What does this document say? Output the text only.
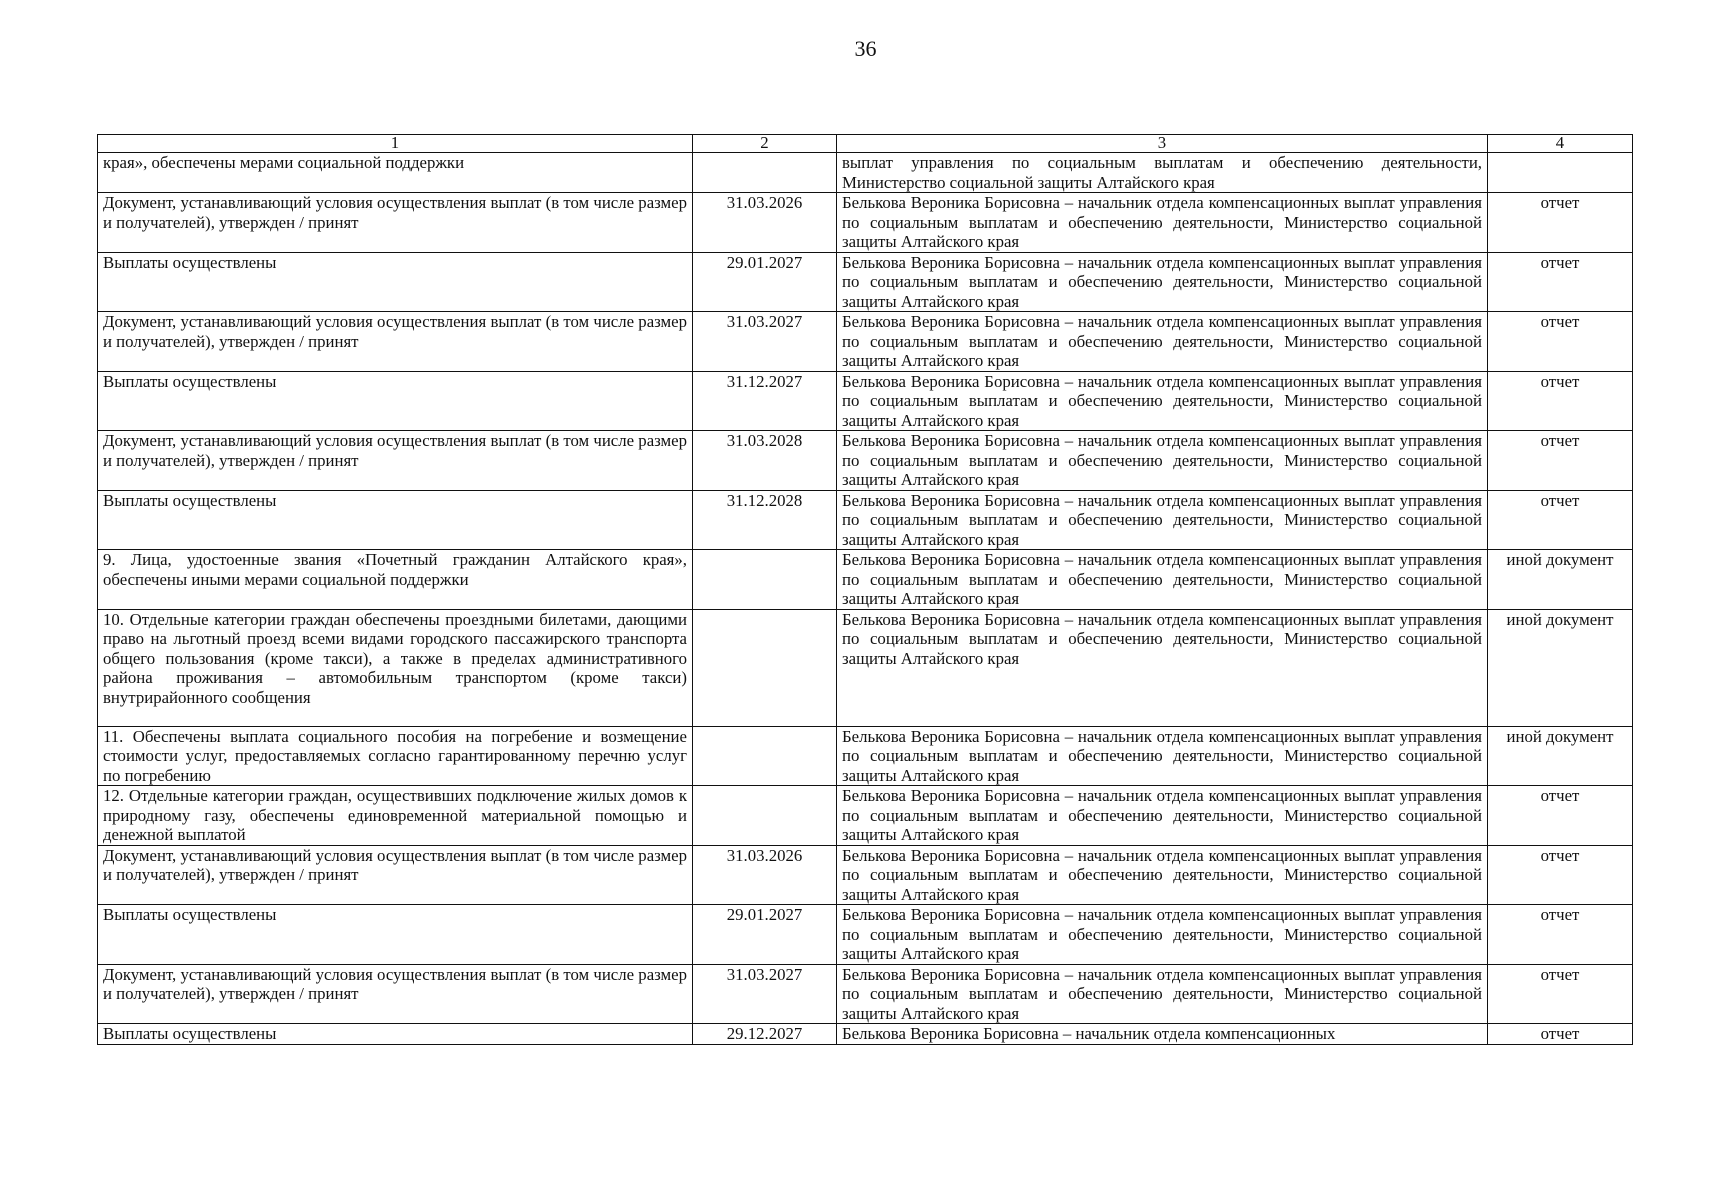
36
1	2	3	4
края», обеспечены мерами социальной поддержки		выплат управления по социальным выплатам и обеспечению деятельности, Министерство социальной защиты Алтайского края	
Документ, устанавливающий условия осуществления выплат (в том числе размер и получателей), утвержден / принят	31.03.2026	Белькова Вероника Борисовна – начальник отдела компенсационных выплат управления по социальным выплатам и обеспечению деятельности, Министерство социальной защиты Алтайского края	отчет
Выплаты осуществлены	29.01.2027	Белькова Вероника Борисовна – начальник отдела компенсационных выплат управления по социальным выплатам и обеспечению деятельности, Министерство социальной защиты Алтайского края	отчет
Документ, устанавливающий условия осуществления выплат (в том числе размер и получателей), утвержден / принят	31.03.2027	Белькова Вероника Борисовна – начальник отдела компенсационных выплат управления по социальным выплатам и обеспечению деятельности, Министерство социальной защиты Алтайского края	отчет
Выплаты осуществлены	31.12.2027	Белькова Вероника Борисовна – начальник отдела компенсационных выплат управления по социальным выплатам и обеспечению деятельности, Министерство социальной защиты Алтайского края	отчет
Документ, устанавливающий условия осуществления выплат (в том числе размер и получателей), утвержден / принят	31.03.2028	Белькова Вероника Борисовна – начальник отдела компенсационных выплат управления по социальным выплатам и обеспечению деятельности, Министерство социальной защиты Алтайского края	отчет
Выплаты осуществлены	31.12.2028	Белькова Вероника Борисовна – начальник отдела компенсационных выплат управления по социальным выплатам и обеспечению деятельности, Министерство социальной защиты Алтайского края	отчет
9. Лица, удостоенные звания «Почетный гражданин Алтайского края», обеспечены иными мерами социальной поддержки		Белькова Вероника Борисовна – начальник отдела компенсационных выплат управления по социальным выплатам и обеспечению деятельности, Министерство социальной защиты Алтайского края	иной документ
10. Отдельные категории граждан обеспечены проездными билетами, дающими право на льготный проезд всеми видами городского пассажирского транспорта общего пользования (кроме такси), а также в пределах административного района проживания – автомобильным транспортом (кроме такси) внутрирайонного сообщения		Белькова Вероника Борисовна – начальник отдела компенсационных выплат управления по социальным выплатам и обеспечению деятельности, Министерство социальной защиты Алтайского края	иной документ
11. Обеспечены выплата социального пособия на погребение и возмещение стоимости услуг, предоставляемых согласно гарантированному перечню услуг по погребению		Белькова Вероника Борисовна – начальник отдела компенсационных выплат управления по социальным выплатам и обеспечению деятельности, Министерство социальной защиты Алтайского края	иной документ
12. Отдельные категории граждан, осуществивших подключение жилых домов к природному газу, обеспечены единовременной материальной помощью и денежной выплатой		Белькова Вероника Борисовна – начальник отдела компенсационных выплат управления по социальным выплатам и обеспечению деятельности, Министерство социальной защиты Алтайского края	отчет
Документ, устанавливающий условия осуществления выплат (в том числе размер и получателей), утвержден / принят	31.03.2026	Белькова Вероника Борисовна – начальник отдела компенсационных выплат управления по социальным выплатам и обеспечению деятельности, Министерство социальной защиты Алтайского края	отчет
Выплаты осуществлены	29.01.2027	Белькова Вероника Борисовна – начальник отдела компенсационных выплат управления по социальным выплатам и обеспечению деятельности, Министерство социальной защиты Алтайского края	отчет
Документ, устанавливающий условия осуществления выплат (в том числе размер и получателей), утвержден / принят	31.03.2027	Белькова Вероника Борисовна – начальник отдела компенсационных выплат управления по социальным выплатам и обеспечению деятельности, Министерство социальной защиты Алтайского края	отчет
Выплаты осуществлены	29.12.2027	Белькова Вероника Борисовна – начальник отдела компенсационных	отчет
